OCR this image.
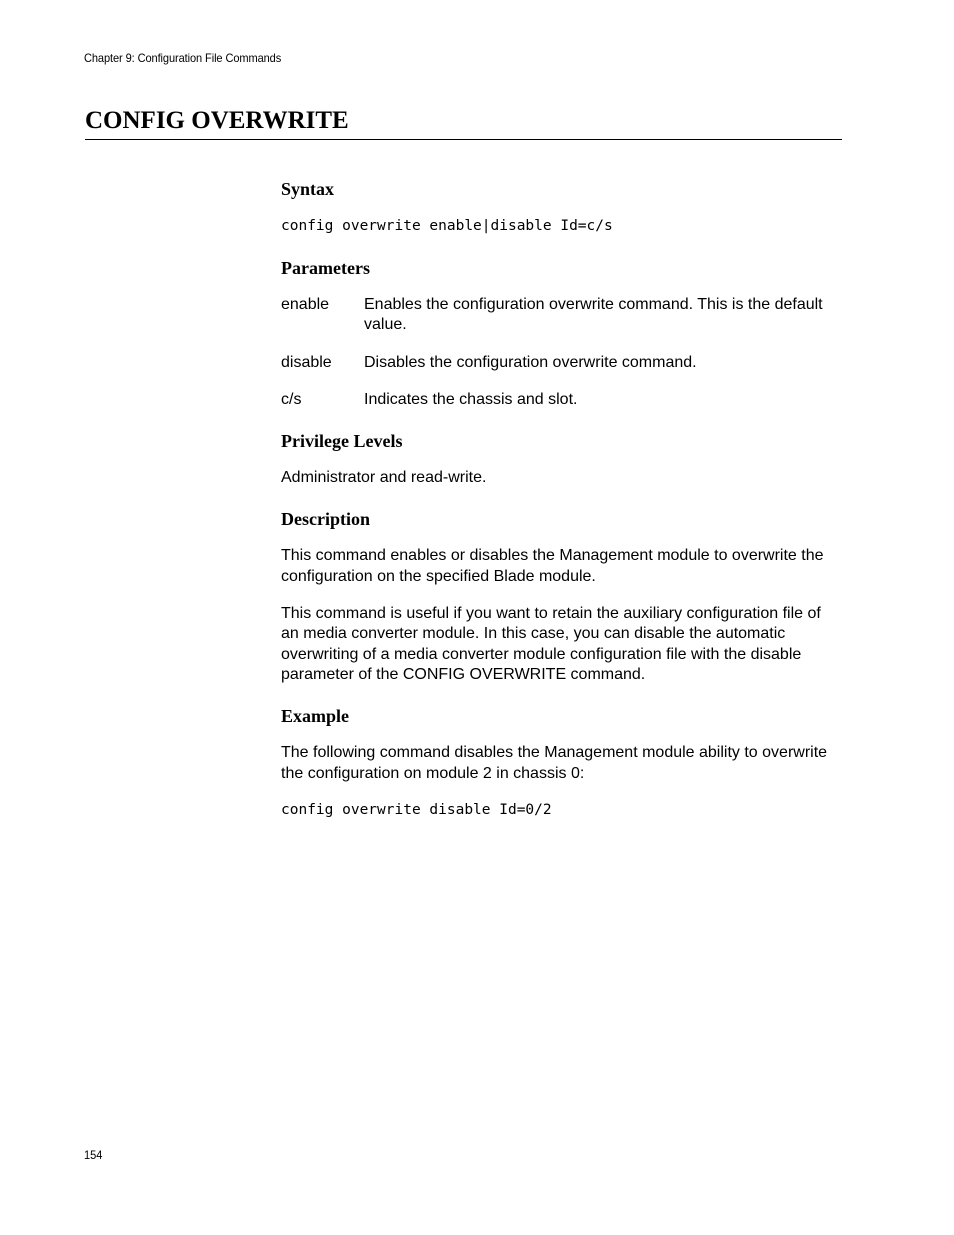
Chapter 9: Configuration File Commands
CONFIG OVERWRITE
Syntax
config overwrite enable|disable Id=c/s
Parameters
enable	Enables the configuration overwrite command. This is the default value.
disable	Disables the configuration overwrite command.
c/s	Indicates the chassis and slot.
Privilege Levels

Administrator and read-write.

Description

This command enables or disables the Management module to overwrite the configuration on the specified Blade module.

This command is useful if you want to retain the auxiliary configuration file of an media converter module. In this case, you can disable the automatic overwriting of a media converter module configuration file with the disable parameter of the CONFIG OVERWRITE command.

Example

The following command disables the Management module ability to overwrite the configuration on module 2 in chassis 0:

config overwrite disable Id=0/2
154
